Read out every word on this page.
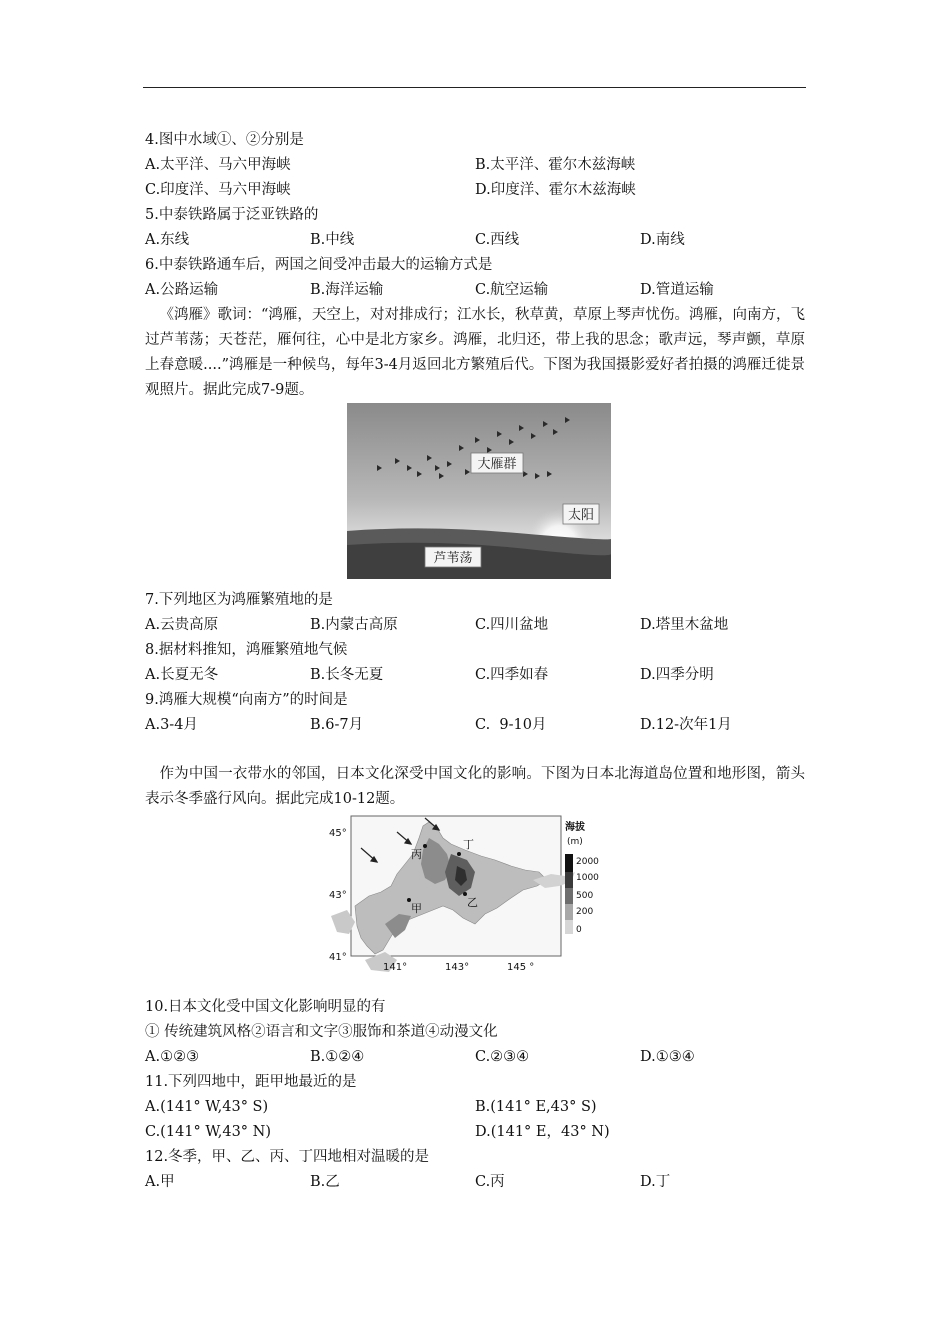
4.图中水域①、②分别是
A.太平洋、马六甲海峡	B.太平洋、霍尔木兹海峡
C.印度洋、马六甲海峡	D.印度洋、霍尔木兹海峡
5.中泰铁路属于泛亚铁路的
A.东线	B.中线	C.西线	D.南线
6.中泰铁路通车后，两国之间受冲击最大的运输方式是
A.公路运输	B.海洋运输	C.航空运输	D.管道运输
《鸿雁》歌词：“鸿雁，天空上，对对排成行；江水长，秋草黄，草原上琴声忧伤。鸿雁，向南方，飞过芦苇荡；天苍茫，雁何往，心中是北方家乡。鸿雁，北归还，带上我的思念；歌声远，琴声颤，草原上春意暖....”鸿雁是一种候鸟，每年3-4月返回北方繁殖后代。下图为我国摄影爱好者拍摄的鸿雁迁徙景观照片。据此完成7-9题。
大雁群
太阳
芦苇荡
7.下列地区为鸿雁繁殖地的是
A.云贵高原	B.内蒙古高原	C.四川盆地	D.塔里木盆地
8.据材料推知，鸿雁繁殖地气候
A.长夏无冬	B.长冬无夏	C.四季如春	D.四季分明
9.鸿雁大规模“向南方”的时间是
A.3-4月	B.6-7月	C.  9-10月	D.12-次年1月
作为中国一衣带水的邻国，日本文化深受中国文化的影响。下图为日本北海道岛位置和地形图，箭头表示冬季盛行风向。据此完成10-12题。
丙
丁
甲	乙
45°
43°
41°
141°	143°	145 °
海拔
(m)
2000
1000
500
200
0
10.日本文化受中国文化影响明显的有
① 传统建筑风格②语言和文字③服饰和茶道④动漫文化
A.①②③	B.①②④	C.②③④	D.①③④
11.下列四地中，距甲地最近的是
A.(141° W,43° S)	B.(141° E,43° S)
C.(141° W,43° N)	D.(141° E，43° N)
12.冬季，甲、乙、丙、丁四地相对温暖的是
A.甲	B.乙	C.丙	D.丁
